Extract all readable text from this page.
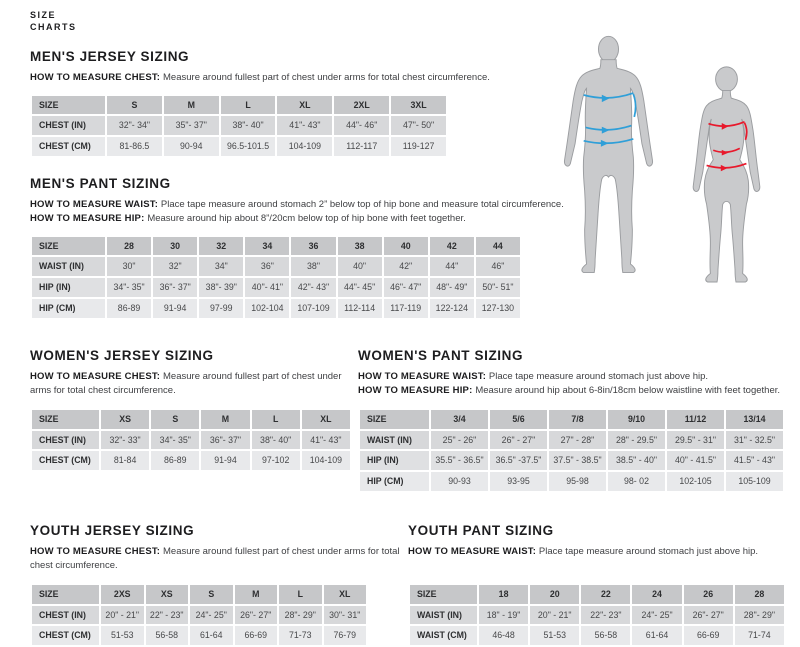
SIZE
CHARTS
MEN'S JERSEY SIZING

HOW TO MEASURE CHEST: Measure around fullest part of chest under arms for total chest circumference.

SIZE	S	M	L	XL	2XL	3XL
CHEST (IN)	32"- 34"	35"- 37"	38"- 40"	41"- 43"	44"- 46"	47"- 50"
CHEST (CM)	81-86.5	90-94	96.5-101.5	104-109	112-117	119-127
MEN'S PANT SIZING

HOW TO MEASURE WAIST: Place tape measure around stomach 2” below top of hip bone and measure total circumference.

HOW TO MEASURE HIP: Measure around hip about 8”/20cm below top of hip bone with feet together.

SIZE	28	30	32	34	36	38	40	42	44
WAIST (IN)	30"	32"	34"	36"	38"	40"	42"	44"	46"
HIP (IN)	34"- 35"	36"- 37"	38"- 39"	40"- 41"	42"- 43"	44"- 45"	46"- 47"	48"- 49"	50"- 51"
HIP (CM)	86-89	91-94	97-99	102-104	107-109	112-114	117-119	122-124	127-130
WOMEN'S JERSEY SIZING

HOW TO MEASURE CHEST: Measure around fullest part of chest under arms for total chest circumference.

SIZE	XS	S	M	L	XL
CHEST (IN)	32"- 33"	34"- 35"	36"- 37"	38"- 40"	41"- 43"
CHEST (CM)	81-84	86-89	91-94	97-102	104-109
WOMEN'S PANT SIZING

HOW TO MEASURE WAIST: Place tape measure around stomach just above hip.

HOW TO MEASURE HIP: Measure around hip about 6-8in/18cm below waistline with feet together.

SIZE	3/4	5/6	7/8	9/10	11/12	13/14
WAIST (IN)	25" - 26"	26" - 27"	27" - 28"	28" - 29.5"	29.5" - 31"	31" - 32.5"
HIP (IN)	35.5" - 36.5"	36.5" -37.5"	37.5" - 38.5"	38.5" - 40"	40" - 41.5"	41.5" - 43"
HIP (CM)	90-93	93-95	95-98	98- 02	102-105	105-109
YOUTH JERSEY SIZING

HOW TO MEASURE CHEST: Measure around fullest part of chest under arms for total chest circumference.

SIZE	2XS	XS	S	M	L	XL
CHEST (IN)	20" - 21"	22" - 23"	24"- 25"	26"- 27"	28"- 29"	30"- 31"
CHEST (CM)	51-53	56-58	61-64	66-69	71-73	76-79
YOUTH PANT SIZING

HOW TO MEASURE WAIST: Place tape measure around stomach just above hip.

SIZE	18	20	22	24	26	28
WAIST (IN)	18" - 19"	20" - 21"	22"- 23"	24"- 25"	26"- 27"	28"- 29"
WAIST (CM)	46-48	51-53	56-58	61-64	66-69	71-74
